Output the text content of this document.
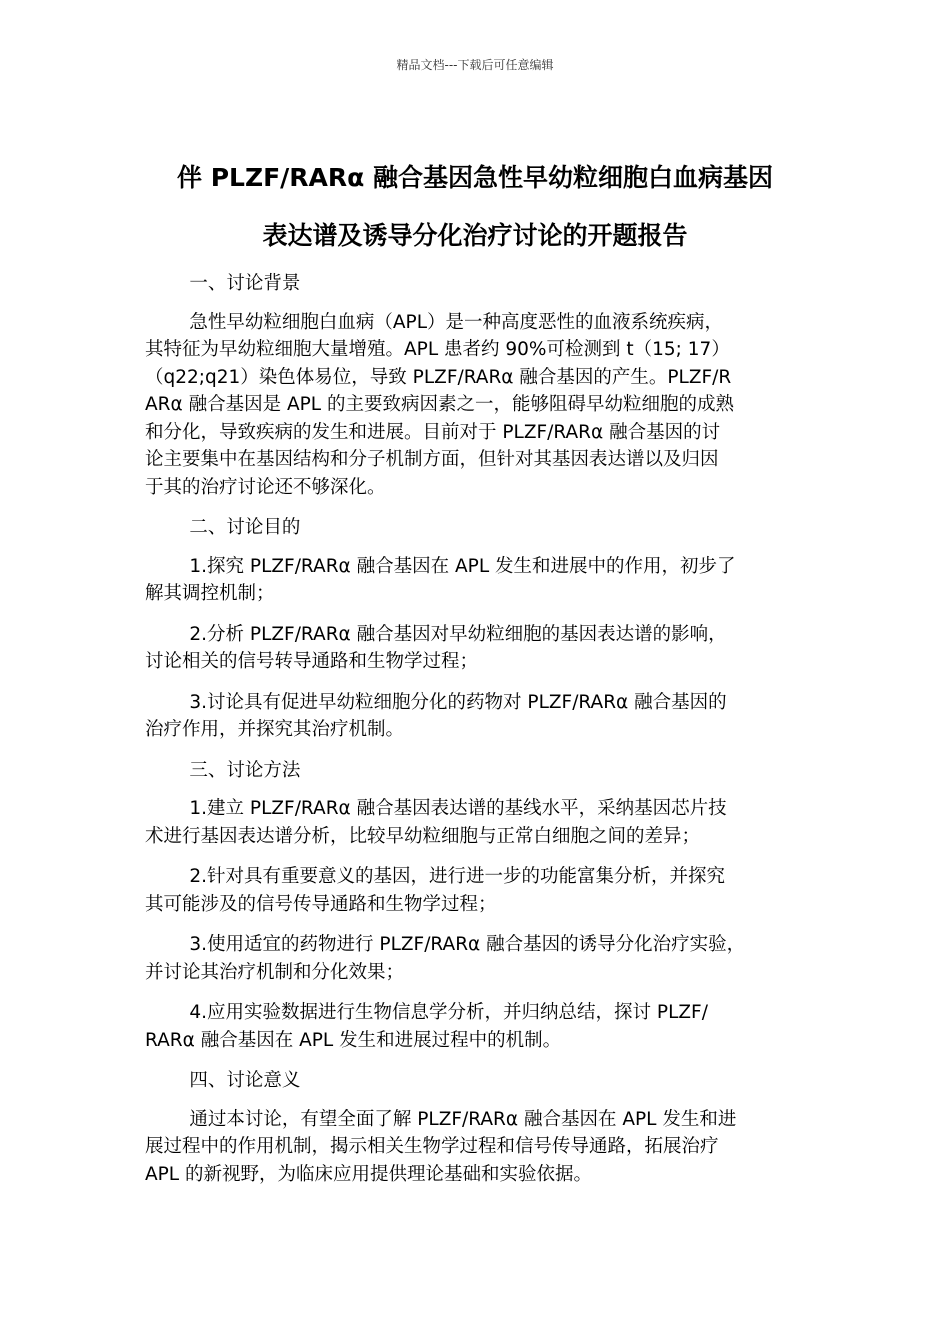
精品文档---下载后可任意编辑
伴 PLZF/RARα 融合基因急性早幼粒细胞白血病基因
表达谱及诱导分化治疗讨论的开题报告

一、讨论背景

急性早幼粒细胞白血病（APL）是一种高度恶性的血液系统疾病，
其特征为早幼粒细胞大量增殖。APL 患者约 90%可检测到 t（15; 17）
（q22;q21）染色体易位，导致 PLZF/RARα 融合基因的产生。PLZF/R
ARα 融合基因是 APL 的主要致病因素之一，能够阻碍早幼粒细胞的成熟
和分化，导致疾病的发生和进展。目前对于 PLZF/RARα 融合基因的讨
论主要集中在基因结构和分子机制方面，但针对其基因表达谱以及归因
于其的治疗讨论还不够深化。

二、讨论目的

1.探究 PLZF/RARα 融合基因在 APL 发生和进展中的作用，初步了
解其调控机制；

2.分析 PLZF/RARα 融合基因对早幼粒细胞的基因表达谱的影响，
讨论相关的信号转导通路和生物学过程；

3.讨论具有促进早幼粒细胞分化的药物对 PLZF/RARα 融合基因的
治疗作用，并探究其治疗机制。

三、讨论方法

1.建立 PLZF/RARα 融合基因表达谱的基线水平，采纳基因芯片技
术进行基因表达谱分析，比较早幼粒细胞与正常白细胞之间的差异；

2.针对具有重要意义的基因，进行进一步的功能富集分析，并探究
其可能涉及的信号传导通路和生物学过程；

3.使用适宜的药物进行 PLZF/RARα 融合基因的诱导分化治疗实验，
并讨论其治疗机制和分化效果；

4.应用实验数据进行生物信息学分析，并归纳总结，探讨 PLZF/
RARα 融合基因在 APL 发生和进展过程中的机制。

四、讨论意义

通过本讨论，有望全面了解 PLZF/RARα 融合基因在 APL 发生和进
展过程中的作用机制，揭示相关生物学过程和信号传导通路，拓展治疗
APL 的新视野，为临床应用提供理论基础和实验依据。
